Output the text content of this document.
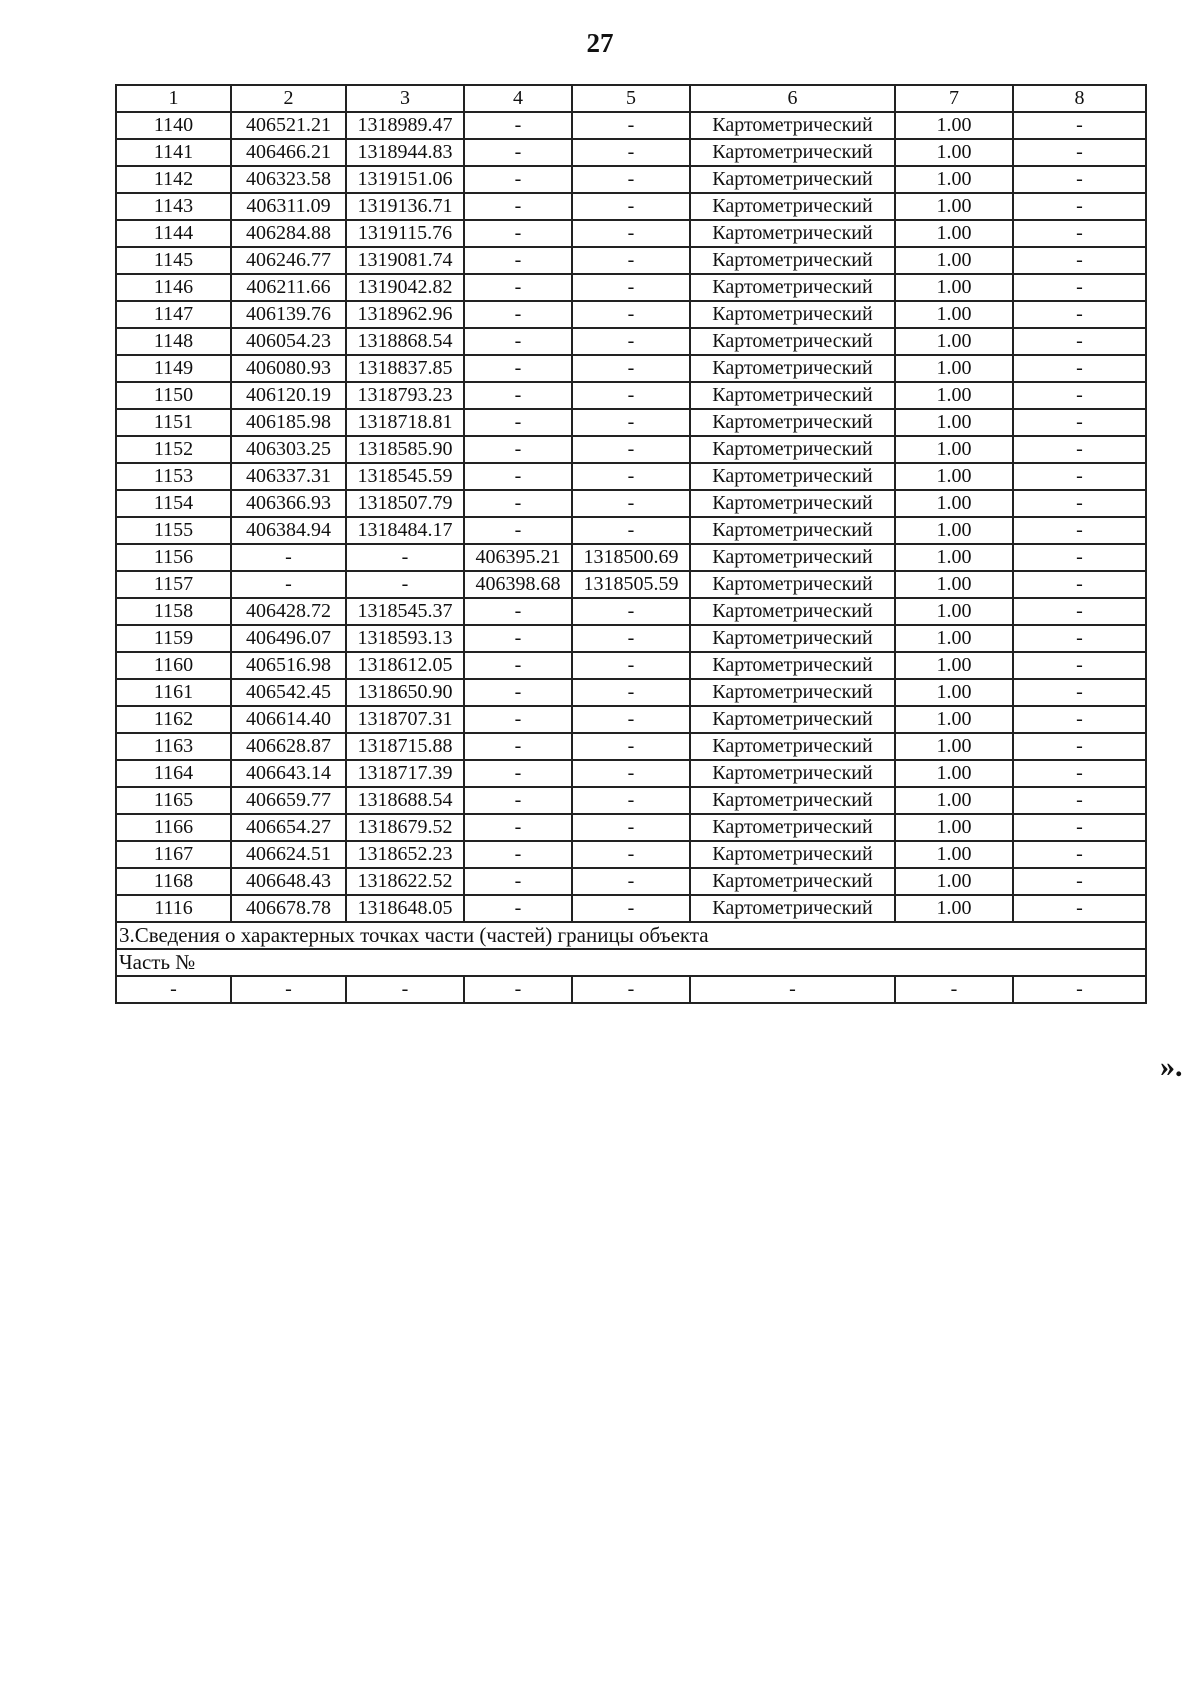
27
1	2	3	4	5	6	7	8
1140	406521.21	1318989.47	-	-	Картометрический	1.00	-
1141	406466.21	1318944.83	-	-	Картометрический	1.00	-
1142	406323.58	1319151.06	-	-	Картометрический	1.00	-
1143	406311.09	1319136.71	-	-	Картометрический	1.00	-
1144	406284.88	1319115.76	-	-	Картометрический	1.00	-
1145	406246.77	1319081.74	-	-	Картометрический	1.00	-
1146	406211.66	1319042.82	-	-	Картометрический	1.00	-
1147	406139.76	1318962.96	-	-	Картометрический	1.00	-
1148	406054.23	1318868.54	-	-	Картометрический	1.00	-
1149	406080.93	1318837.85	-	-	Картометрический	1.00	-
1150	406120.19	1318793.23	-	-	Картометрический	1.00	-
1151	406185.98	1318718.81	-	-	Картометрический	1.00	-
1152	406303.25	1318585.90	-	-	Картометрический	1.00	-
1153	406337.31	1318545.59	-	-	Картометрический	1.00	-
1154	406366.93	1318507.79	-	-	Картометрический	1.00	-
1155	406384.94	1318484.17	-	-	Картометрический	1.00	-
1156	-	-	406395.21	1318500.69	Картометрический	1.00	-
1157	-	-	406398.68	1318505.59	Картометрический	1.00	-
1158	406428.72	1318545.37	-	-	Картометрический	1.00	-
1159	406496.07	1318593.13	-	-	Картометрический	1.00	-
1160	406516.98	1318612.05	-	-	Картометрический	1.00	-
1161	406542.45	1318650.90	-	-	Картометрический	1.00	-
1162	406614.40	1318707.31	-	-	Картометрический	1.00	-
1163	406628.87	1318715.88	-	-	Картометрический	1.00	-
1164	406643.14	1318717.39	-	-	Картометрический	1.00	-
1165	406659.77	1318688.54	-	-	Картометрический	1.00	-
1166	406654.27	1318679.52	-	-	Картометрический	1.00	-
1167	406624.51	1318652.23	-	-	Картометрический	1.00	-
1168	406648.43	1318622.52	-	-	Картометрический	1.00	-
1116	406678.78	1318648.05	-	-	Картометрический	1.00	-
3.Сведения о характерных точках части (частей) границы объекта							
Часть №							
-	-	-	-	-	-	-	-
».
